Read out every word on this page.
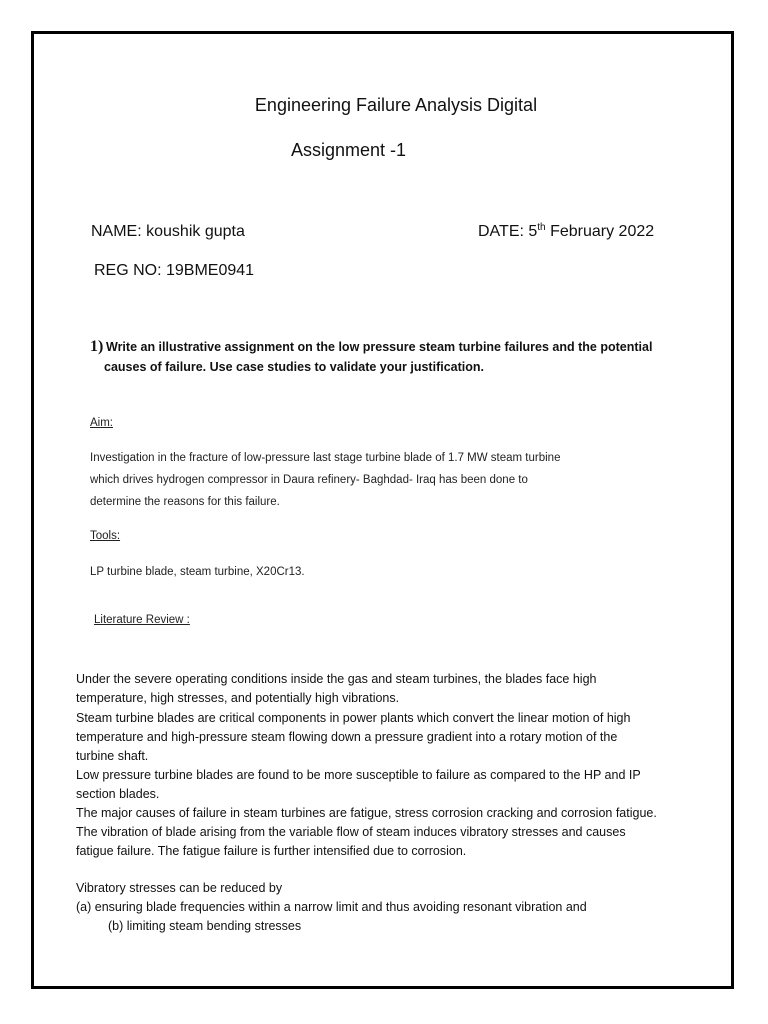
Engineering Failure Analysis Digital
Assignment -1
NAME: koushik gupta	DATE: 5th February 2022
REG NO: 19BME0941
1) Write an illustrative assignment on the low pressure steam turbine failures and the potential
causes of failure. Use case studies to validate your justification.
Aim:
Investigation in the fracture of low-pressure last stage turbine blade of 1.7 MW steam turbine
which drives hydrogen compressor in Daura refinery- Baghdad- Iraq has been done to
determine the reasons for this failure.
Tools:
LP turbine blade, steam turbine, X20Cr13.
Literature Review :
Under the severe operating conditions inside the gas and steam turbines, the blades face high
temperature, high stresses, and potentially high vibrations.
Steam turbine blades are critical components in power plants which convert the linear motion of high
temperature and high-pressure steam flowing down a pressure gradient into a rotary motion of the
turbine shaft.
Low pressure turbine blades are found to be more susceptible to failure as compared to the HP and IP
section blades.
The major causes of failure in steam turbines are fatigue, stress corrosion cracking and corrosion fatigue.
The vibration of blade arising from the variable flow of steam induces vibratory stresses and causes
fatigue failure. The fatigue failure is further intensified due to corrosion.
Vibratory stresses can be reduced by
(a) ensuring blade frequencies within a narrow limit and thus avoiding resonant vibration and
(b) limiting steam bending stresses
